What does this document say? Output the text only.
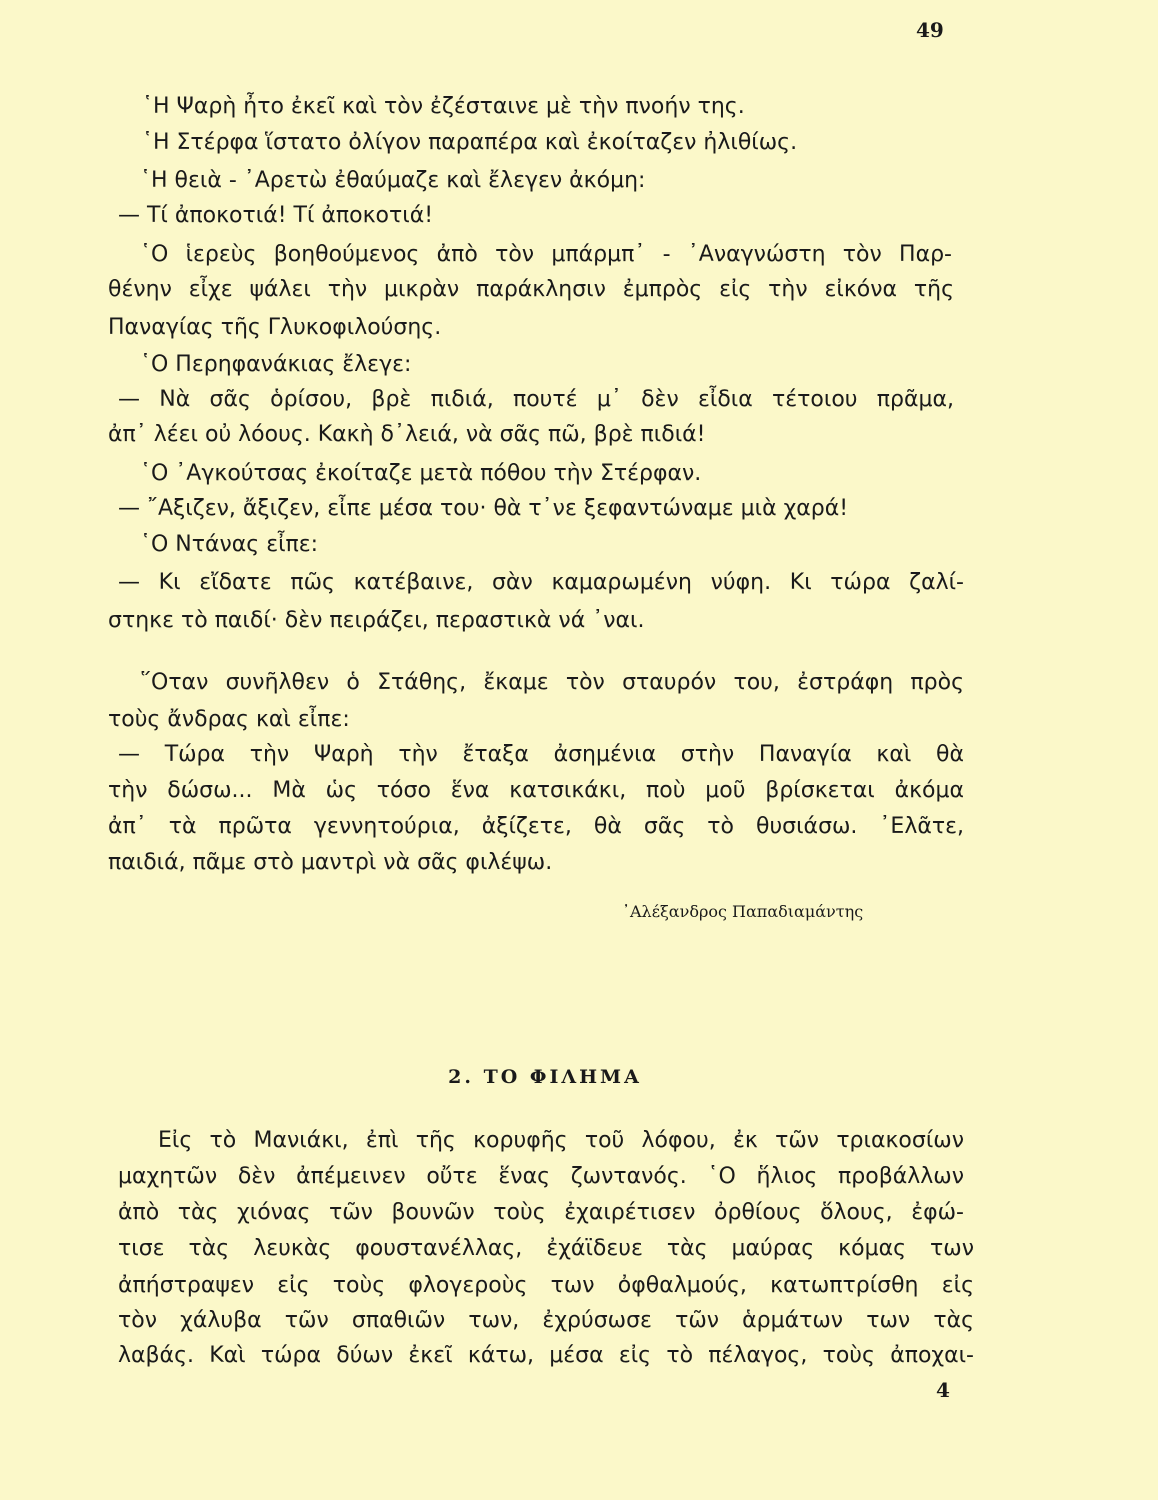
49
῾Η Ψαρὴ ἦτο ἐκεῖ καὶ τὸν ἐζέσταινε μὲ τὴν πνοήν της.
῾Η Στέρφα ἵστατο ὀλίγον παραπέρα καὶ ἐκοίταζεν ἠλιθίως.
῾Η θειὰ - ᾿Αρετὼ ἐθαύμαζε καὶ ἔλεγεν ἀκόμη:
— Τί ἀποκοτιά! Τί ἀποκοτιά!
῾Ο ἱερεὺς βοηθούμενος ἀπὸ τὸν μπάρμπ᾿ - ᾿Αναγνώστη τὸν Παρ-
θένην εἶχε ψάλει τὴν μικρὰν παράκλησιν ἐμπρὸς εἰς τὴν εἰκόνα τῆς
Παναγίας τῆς Γλυκοφιλούσης.
῾Ο Περηφανάκιας ἔλεγε:
— Νὰ σᾶς ὁρίσου, βρὲ πιδιά, πουτέ μ᾿ δὲν εἶδια τέτοιου πρᾶμα,
ἀπ᾿ λέει οὐ λόους. Κακὴ δ᾿λειά, νὰ σᾶς πῶ, βρὲ πιδιά!
῾Ο ᾿Αγκούτσας ἐκοίταζε μετὰ πόθου τὴν Στέρφαν.
— ῎Αξιζεν, ἄξιζεν, εἶπε μέσα του· θὰ τ᾿νε ξεφαντώναμε μιὰ χαρά!
῾Ο Ντάνας εἶπε:
— Κι εἴδατε πῶς κατέβαινε, σὰν καμαρωμένη νύφη. Κι τώρα ζαλί-
στηκε τὸ παιδί· δὲν πειράζει, περαστικὰ νά ᾿ναι.
῞Οταν συνῆλθεν ὁ Στάθης, ἔκαμε τὸν σταυρόν του, ἐστράφη πρὸς
τοὺς ἄνδρας καὶ εἶπε:
— Τώρα τὴν Ψαρὴ τὴν ἔταξα ἀσημένια στὴν Παναγία καὶ θὰ
τὴν δώσω... Μὰ ὡς τόσο ἕνα κατσικάκι, ποὺ μοῦ βρίσκεται ἀκόμα
ἀπ᾿ τὰ πρῶτα γεννητούρια, ἀξίζετε, θὰ σᾶς τὸ θυσιάσω. ᾿Ελᾶτε,
παιδιά, πᾶμε στὸ μαντρὶ νὰ σᾶς φιλέψω.
᾿Αλέξανδρος Παπαδιαμάντης
2. ΤΟ ΦΙΛΗΜΑ
Εἰς τὸ Μανιάκι, ἐπὶ τῆς κορυφῆς τοῦ λόφου, ἐκ τῶν τριακοσίων
μαχητῶν δὲν ἀπέμεινεν οὔτε ἕνας ζωντανός. ῾Ο ἥλιος προβάλλων
ἀπὸ τὰς χιόνας τῶν βουνῶν τοὺς ἐχαιρέτισεν ὀρθίους ὅλους, ἐφώ-
τισε τὰς λευκὰς φουστανέλλας, ἐχάϊδευε τὰς μαύρας κόμας των
ἀπήστραψεν εἰς τοὺς φλογεροὺς των ὀφθαλμούς, κατωπτρίσθη εἰς
τὸν χάλυβα τῶν σπαθιῶν των, ἐχρύσωσε τῶν ἁρμάτων των τὰς
λαβάς. Καὶ τώρα δύων ἐκεῖ κάτω, μέσα εἰς τὸ πέλαγος, τοὺς ἀποχαι-
4
